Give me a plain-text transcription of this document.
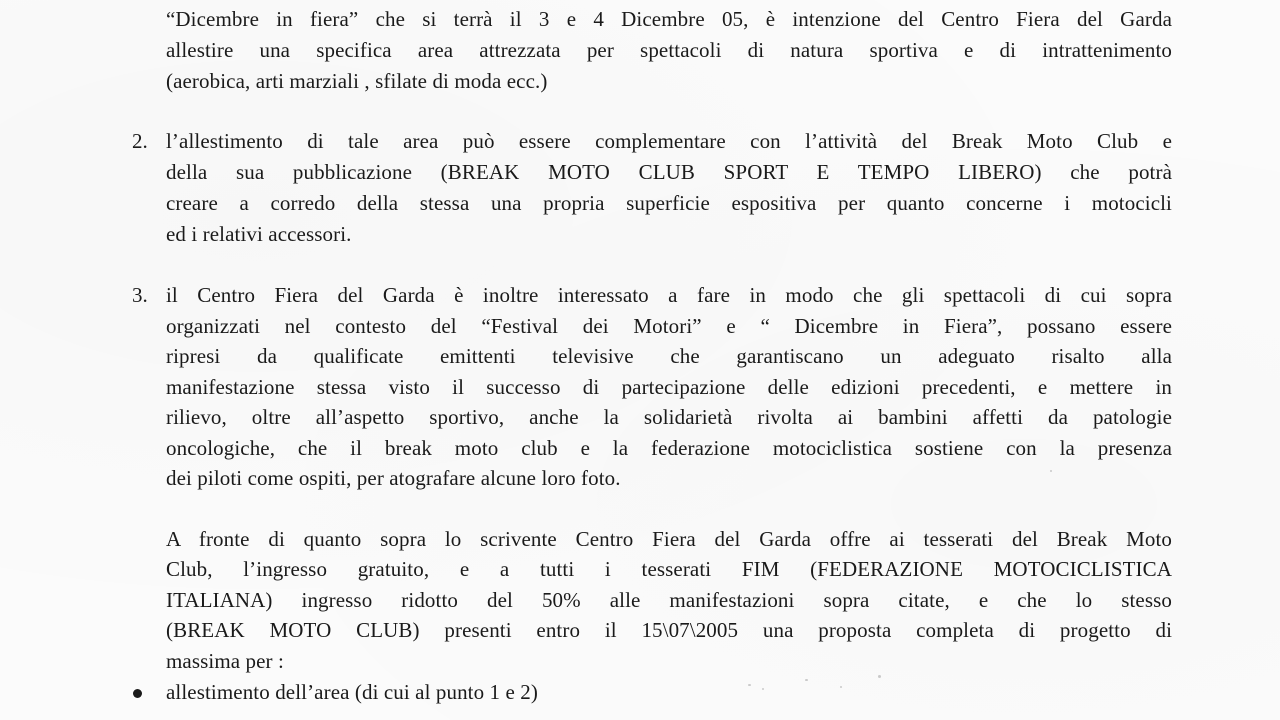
“Dicembre in fiera” che si terrà il 3 e 4 Dicembre 05, è intenzione del Centro Fiera del Garda
allestire una specifica area attrezzata per spettacoli di natura sportiva e di intrattenimento
(aerobica, arti marziali , sfilate di moda ecc.)
2. l’allestimento di tale area può essere complementare con l’attività del Break Moto Club e
della sua pubblicazione (BREAK MOTO CLUB SPORT E TEMPO LIBERO) che potrà
creare a corredo della stessa una propria superficie espositiva per quanto concerne i motocicli
ed i relativi accessori.
3. il Centro Fiera del Garda è inoltre interessato a fare in modo che gli spettacoli di cui sopra
organizzati nel contesto del “Festival dei Motori” e “ Dicembre in Fiera”, possano essere
ripresi da qualificate emittenti televisive che garantiscano un adeguato risalto alla
manifestazione stessa visto il successo di partecipazione delle edizioni precedenti, e mettere in
rilievo, oltre all’aspetto sportivo, anche la solidarietà rivolta ai bambini affetti da patologie
oncologiche, che il break moto club e la federazione motociclistica sostiene con la presenza
dei piloti come ospiti, per atografare alcune loro foto.
A fronte di quanto sopra lo scrivente Centro Fiera del Garda offre ai tesserati del Break Moto
Club, l’ingresso gratuito, e a tutti i tesserati FIM (FEDERAZIONE MOTOCICLISTICA
ITALIANA) ingresso ridotto del 50% alle manifestazioni sopra citate, e che lo stesso
(BREAK MOTO CLUB) presenti entro il 15\07\2005 una proposta completa di progetto di
massima per :
allestimento dell’area (di cui al punto 1 e 2)
